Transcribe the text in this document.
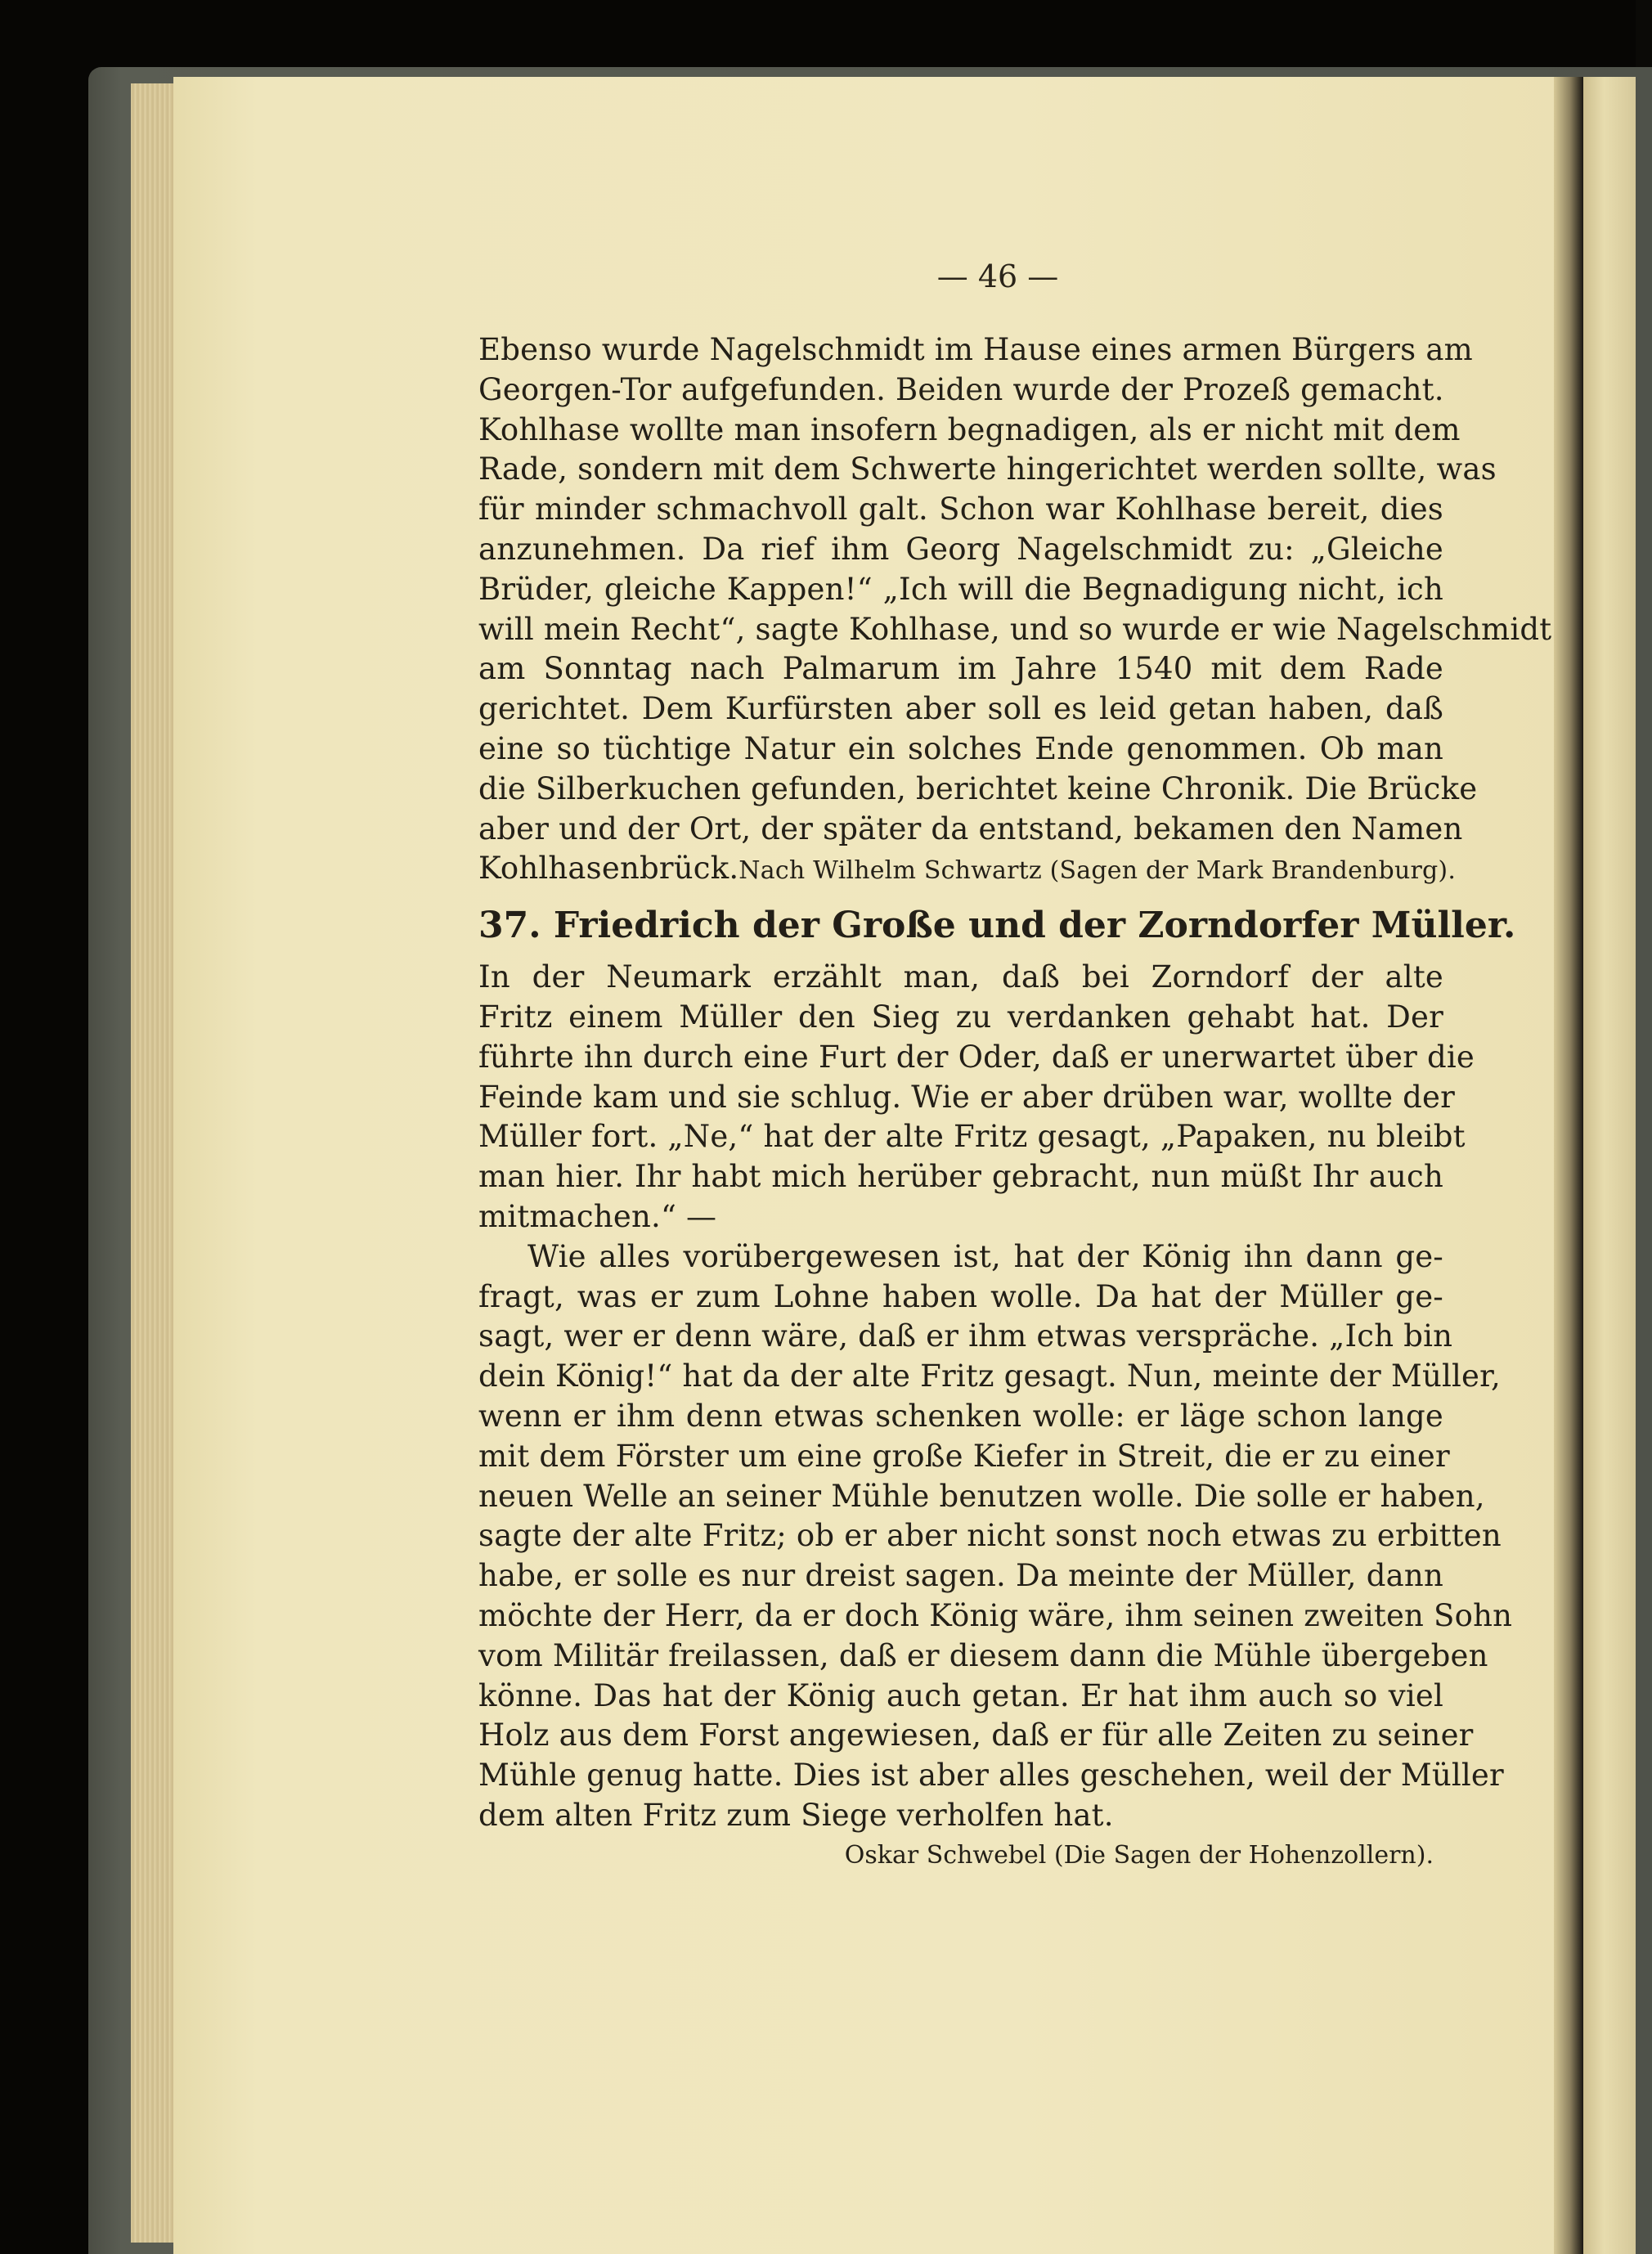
— 46 —
Ebenso wurde Nagelschmidt im Hause eines armen Bürgers am
Georgen-Tor aufgefunden. Beiden wurde der Prozeß gemacht.
Kohlhase wollte man insofern begnadigen, als er nicht mit dem
Rade, sondern mit dem Schwerte hingerichtet werden sollte, was
für minder schmachvoll galt. Schon war Kohlhase bereit, dies
anzunehmen. Da rief ihm Georg Nagelschmidt zu: „Gleiche
Brüder, gleiche Kappen!“ „Ich will die Begnadigung nicht, ich
will mein Recht“, sagte Kohlhase, und so wurde er wie Nagelschmidt
am Sonntag nach Palmarum im Jahre 1540 mit dem Rade
gerichtet. Dem Kurfürsten aber soll es leid getan haben, daß
eine so tüchtige Natur ein solches Ende genommen. Ob man
die Silberkuchen gefunden, berichtet keine Chronik. Die Brücke
aber und der Ort, der später da entstand, bekamen den Namen
Kohlhasenbrück. Nach Wilhelm Schwartz (Sagen der Mark Brandenburg).
37. Friedrich der Große und der Zorndorfer Müller.
In der Neumark erzählt man, daß bei Zorndorf der alte
Fritz einem Müller den Sieg zu verdanken gehabt hat. Der
führte ihn durch eine Furt der Oder, daß er unerwartet über die
Feinde kam und sie schlug. Wie er aber drüben war, wollte der
Müller fort. „Ne,“ hat der alte Fritz gesagt, „Papaken, nu bleibt
man hier. Ihr habt mich herüber gebracht, nun müßt Ihr auch
mitmachen.“ —
Wie alles vorübergewesen ist, hat der König ihn dann ge-
fragt, was er zum Lohne haben wolle. Da hat der Müller ge-
sagt, wer er denn wäre, daß er ihm etwas verspräche. „Ich bin
dein König!“ hat da der alte Fritz gesagt. Nun, meinte der Müller,
wenn er ihm denn etwas schenken wolle: er läge schon lange
mit dem Förster um eine große Kiefer in Streit, die er zu einer
neuen Welle an seiner Mühle benutzen wolle. Die solle er haben,
sagte der alte Fritz; ob er aber nicht sonst noch etwas zu erbitten
habe, er solle es nur dreist sagen. Da meinte der Müller, dann
möchte der Herr, da er doch König wäre, ihm seinen zweiten Sohn
vom Militär freilassen, daß er diesem dann die Mühle übergeben
könne. Das hat der König auch getan. Er hat ihm auch so viel
Holz aus dem Forst angewiesen, daß er für alle Zeiten zu seiner
Mühle genug hatte. Dies ist aber alles geschehen, weil der Müller
dem alten Fritz zum Siege verholfen hat.
Oskar Schwebel (Die Sagen der Hohenzollern).
